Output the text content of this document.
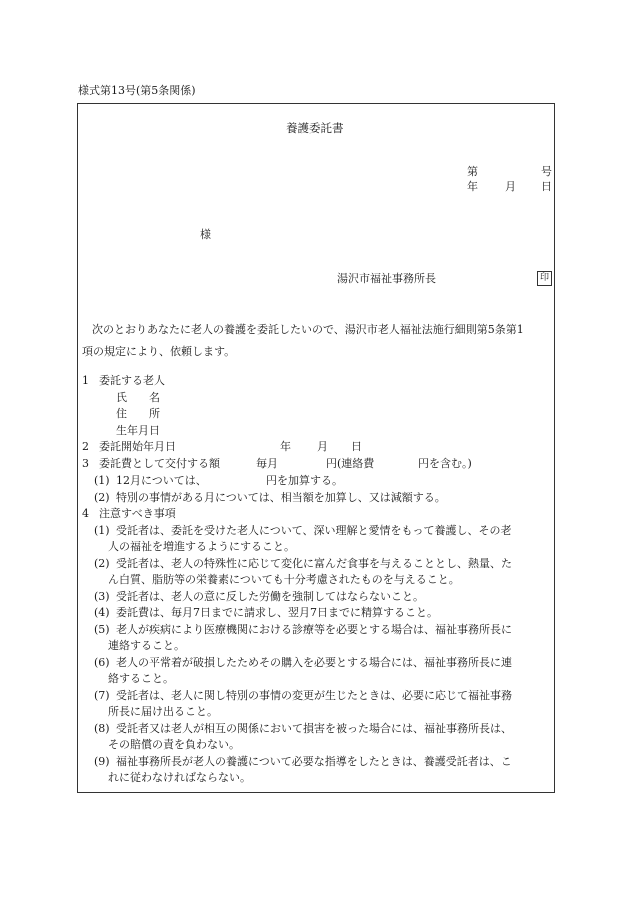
様式第13号(第5条関係)
養護委託書
第	号
年 月 日
様
湯沢市福祉事務所長	印
次のとおりあなたに老人の養護を委託したいので、湯沢市老人福祉法施行細則第5条第1
項の規定により、依頼します。
1 委託する老人
氏　　名
住　　所
生年月日
2 委託開始年月日	年 月 日
3 委託費として交付する額	毎月	円(連絡費	円を含む。)
(1) 12月については、	円を加算する。
(2) 特別の事情がある月については、相当額を加算し、又は減額する。
4 注意すべき事項
(1) 受託者は、委託を受けた老人について、深い理解と愛情をもって養護し、その老
人の福祉を増進するようにすること。
(2) 受託者は、老人の特殊性に応じて変化に富んだ食事を与えることとし、熱量、た
ん白質、脂肪等の栄養素についても十分考慮されたものを与えること。
(3) 受託者は、老人の意に反した労働を強制してはならないこと。
(4) 委託費は、毎月7日までに請求し、翌月7日までに精算すること。
(5) 老人が疾病により医療機関における診療等を必要とする場合は、福祉事務所長に
連絡すること。
(6) 老人の平常着が破損したためその購入を必要とする場合には、福祉事務所長に連
絡すること。
(7) 受託者は、老人に関し特別の事情の変更が生じたときは、必要に応じて福祉事務
所長に届け出ること。
(8) 受託者又は老人が相互の関係において損害を被った場合には、福祉事務所長は、
その賠償の責を負わない。
(9) 福祉事務所長が老人の養護について必要な指導をしたときは、養護受託者は、こ
れに従わなければならない。
